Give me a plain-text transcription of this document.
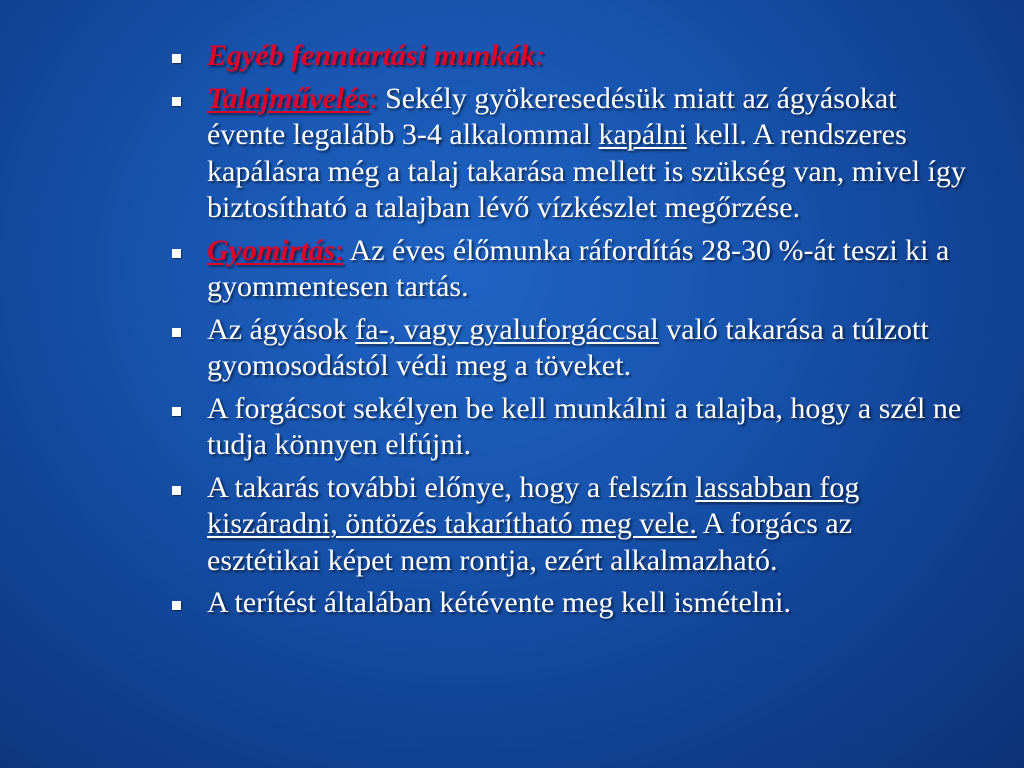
Egyéb fenntartási munkák:
Talajművelés: Sekély gyökeresedésük miatt az ágyásokat évente legalább 3-4 alkalommal kapálni kell. A rendszeres kapálásra még a talaj takarása mellett is szükség van, mivel így biztosítható a talajban lévő vízkészlet megőrzése.
Gyomirtás: Az éves élőmunka ráfordítás 28-30 %-át teszi ki a gyommentesen tartás.
Az ágyások fa-, vagy gyaluforgáccsal való takarása a túlzott gyomosodástól védi meg a töveket.
A forgácsot sekélyen be kell munkálni a talajba, hogy a szél ne tudja könnyen elfújni.
A takarás további előnye, hogy a felszín lassabban fog kiszáradni, öntözés takarítható meg vele. A forgács az esztétikai képet nem rontja, ezért alkalmazható.
A terítést általában kétévente meg kell ismételni.
